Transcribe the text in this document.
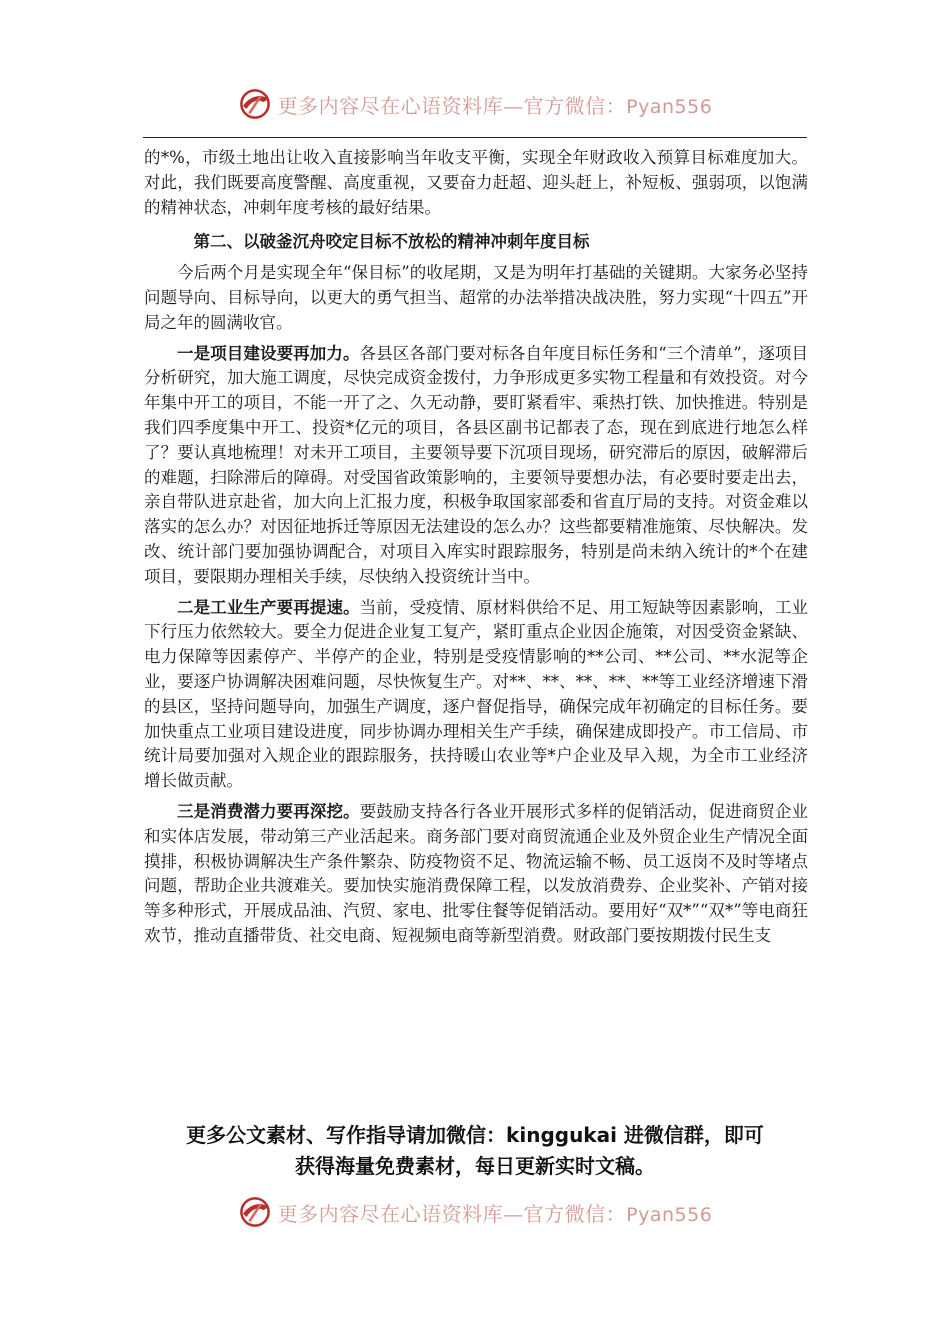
更多内容尽在心语资料库—官方微信：Pyan556

的*%，市级土地出让收入直接影响当年收支平衡，实现全年财政收入预算目标难度加大。对此，我们既要高度警醒、高度重视，又要奋力赶超、迎头赶上，补短板、强弱项，以饱满的精神状态，冲刺年度考核的最好结果。

第二、以破釜沉舟咬定目标不放松的精神冲刺年度目标

今后两个月是实现全年“保目标”的收尾期，又是为明年打基础的关键期。大家务必坚持问题导向、目标导向，以更大的勇气担当、超常的办法举措决战决胜，努力实现“十四五”开局之年的圆满收官。

一是项目建设要再加力。各县区各部门要对标各自年度目标任务和“三个清单”，逐项目分析研究，加大施工调度，尽快完成资金拨付，力争形成更多实物工程量和有效投资。对今年集中开工的项目，不能一开了之、久无动静，要盯紧看牢、乘热打铁、加快推进。特别是我们四季度集中开工、投资*亿元的项目，各县区副书记都表了态，现在到底进行地怎么样了？要认真地梳理！对未开工项目，主要领导要下沉项目现场，研究滞后的原因，破解滞后的难题，扫除滞后的障碍。对受国省政策影响的，主要领导要想办法，有必要时要走出去，亲自带队进京赴省，加大向上汇报力度，积极争取国家部委和省直厅局的支持。对资金难以落实的怎么办？对因征地拆迁等原因无法建设的怎么办？这些都要精准施策、尽快解决。发改、统计部门要加强协调配合，对项目入库实时跟踪服务，特别是尚未纳入统计的*个在建项目，要限期办理相关手续，尽快纳入投资统计当中。

二是工业生产要再提速。当前，受疫情、原材料供给不足、用工短缺等因素影响，工业下行压力依然较大。要全力促进企业复工复产，紧盯重点企业因企施策，对因受资金紧缺、电力保障等因素停产、半停产的企业，特别是受疫情影响的**公司、**公司、**水泥等企业，要逐户协调解决困难问题，尽快恢复生产。对**、**、**、**、**等工业经济增速下滑的县区，坚持问题导向，加强生产调度，逐户督促指导，确保完成年初确定的目标任务。要加快重点工业项目建设进度，同步协调办理相关生产手续，确保建成即投产。市工信局、市统计局要加强对入规企业的跟踪服务，扶持暖山农业等*户企业及早入规，为全市工业经济增长做贡献。

三是消费潜力要再深挖。要鼓励支持各行各业开展形式多样的促销活动，促进商贸企业和实体店发展，带动第三产业活起来。商务部门要对商贸流通企业及外贸企业生产情况全面摸排，积极协调解决生产条件繁杂、防疫物资不足、物流运输不畅、员工返岗不及时等堵点问题，帮助企业共渡难关。要加快实施消费保障工程，以发放消费券、企业奖补、产销对接等多种形式，开展成品油、汽贸、家电、批零住餐等促销活动。要用好“双*”“双*”等电商狂欢节，推动直播带货、社交电商、短视频电商等新型消费。财政部门要按期拨付民生支

更多公文素材、写作指导请加微信：kinggukai 进微信群，即可
获得海量免费素材，每日更新实时文稿。
更多内容尽在心语资料库—官方微信：Pyan556
